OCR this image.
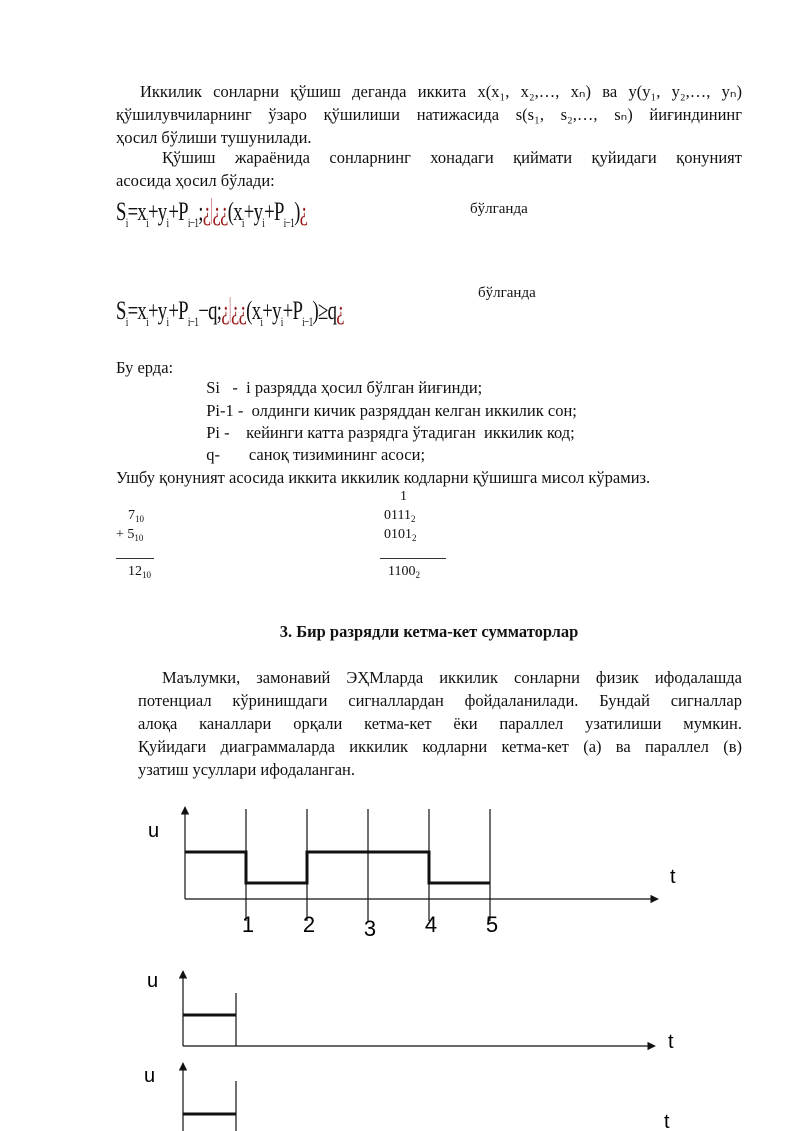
Иккилик сонларни қўшиш деганда иккита x(x₁, x₂,…, xₙ) ва y(y₁, y₂,…, yₙ)
қўшилувчиларнинг ўзаро қўшилиши натижасида s(s₁, s₂,…, sₙ) йиғиндининг
ҳосил бўлиши тушунилади.
Қўшиш жараёнида сонларнинг хонадаги қиймати қуйидаги қонуният
асосида ҳосил бўлади:
$S_i=x_i+y_i+P_{i-1};¿¿¿(x_i+y_i+P_{i-1})¿$	бўлганда
$S_i=x_i+y_i+P_{i-1}-q;¿¿¿(x_i+y_i+P_{i-1})\ge q¿$
бўлганда
Бу ерда:

Si   - і разрядда ҳосил бўлган йиғинди;

Pi-1 - олдинги кичик разряддан келган иккилик сон;

Pi - кейинги катта разрядга ўтадиган  иккилик код;

q- саноқ тизимининг асоси;

Ушбу қонуният асосида иккита иккилик кодларни қўшишга мисол кўрамиз.
$7_{10}$
+ $5_{10}$
$12_{10}$
1
$0111_2$
$0101_2$
$1100_2$
3. Бир разрядли кетма-кет сумматорлар
Маълумки, замонавий ЭҲМларда иккилик сонларни физик ифодалашда
потенциал кўринишдаги сигналлардан фойдаланилади. Бундай сигналлар
алоқа каналлари орқали кетма-кет ёки параллел узатилиши мумкин.
Қуйидаги диаграммаларда иккилик кодларни кетма-кет (а) ва параллел (в)
узатиш усуллари ифодаланган.
u
t
1 2 3 4 5
u
t
u
t
